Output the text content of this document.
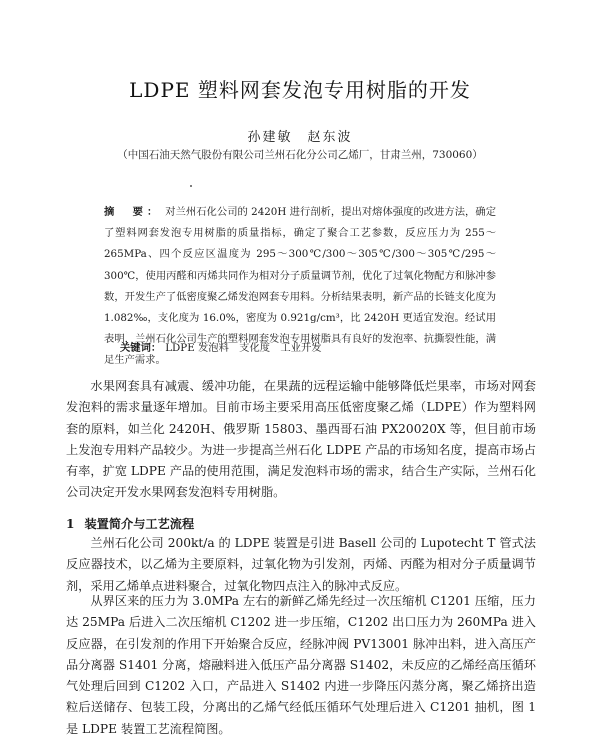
LDPE 塑料网套发泡专用树脂的开发
孙建敏　赵东波
（中国石油天然气股份有限公司兰州石化分公司乙烯厂，甘肃兰州，730060）
摘　要： 对兰州石化公司的 2420H 进行剖析，提出对熔体强度的改进方法，确定了塑料网套发泡专用树脂的质量指标，确定了聚合工艺参数，反应压力为 255～265MPa、四个反应区温度为 295～300℃/300～305℃/300～305℃/295～300℃，使用丙醛和丙烯共同作为相对分子质量调节剂，优化了过氧化物配方和脉冲参数，开发生产了低密度聚乙烯发泡网套专用料。分析结果表明，新产品的长链支化度为 1.082‰，支化度为 16.0%，密度为 0.921g/cm³，比 2420H 更适宜发泡。经试用表明，兰州石化公司生产的塑料网套发泡专用树脂具有良好的发泡率、抗撕裂性能，满足生产需求。
关键词： LDPE 发泡料　支化度　工业开发

水果网套具有减震、缓冲功能，在果蔬的远程运输中能够降低烂果率，市场对网套发泡料的需求量逐年增加。目前市场主要采用高压低密度聚乙烯（LDPE）作为塑料网套的原料，如兰化 2420H、俄罗斯 15803、墨西哥石油 PX20020X 等，但目前市场上发泡专用料产品较少。为进一步提高兰州石化 LDPE 产品的市场知名度，提高市场占有率，扩宽 LDPE 产品的使用范围，满足发泡料市场的需求，结合生产实际，兰州石化公司决定开发水果网套发泡料专用树脂。

1 装置简介与工艺流程

兰州石化公司 200kt/a 的 LDPE 装置是引进 Basell 公司的 Lupotecht T 管式法反应器技术，以乙烯为主要原料，过氧化物为引发剂，丙烯、丙醛为相对分子质量调节剂，采用乙烯单点进料聚合，过氧化物四点注入的脉冲式反应。

从界区来的压力为 3.0MPa 左右的新鲜乙烯先经过一次压缩机 C1201 压缩，压力达 25MPa 后进入二次压缩机 C1202 进一步压缩，C1202 出口压力为 260MPa 进入反应器，在引发剂的作用下开始聚合反应，经脉冲阀 PV13001 脉冲出料，进入高压产品分离器 S1401 分离，熔融料进入低压产品分离器 S1402，未反应的乙烯经高压循环气处理后回到 C1202 入口，产品进入 S1402 内进一步降压闪蒸分离，聚乙烯挤出造粒后送储存、包装工段，分离出的乙烯气经低压循环气处理后进入 C1201 抽机，图 1 是 LDPE 装置工艺流程简图。
